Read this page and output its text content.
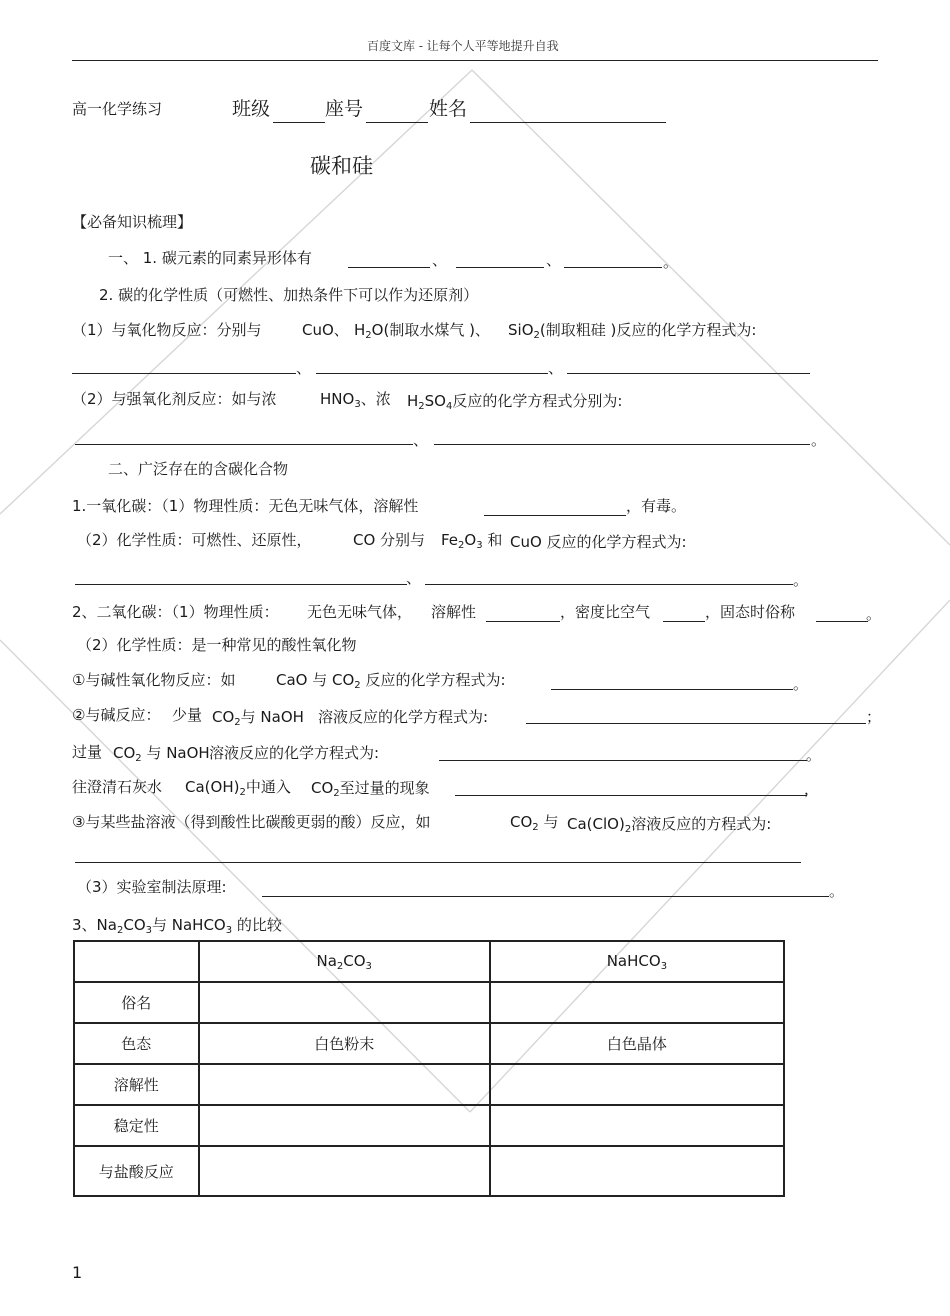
百度文库 - 让每个人平等地提升自我
高一化学练习	班级	座号	姓名
碳和硅
【必备知识梳理】
一、 1. 碳元素的同素异形体有	、	、	。
2. 碳的化学性质（可燃性、加热条件下可以作为还原剂）
（1）与氧化物反应：分别与	CuO、 $H_2O$(制取水煤气 )、 SiO$_2$(制取粗硅 )反应的化学方程式为:
、	、
（2）与强氧化剂反应：如与浓	$HNO_3$、浓 $H_2SO_4$反应的化学方程式分别为:
、	。
二、广泛存在的含碳化合物
1.一氧化碳：（1）物理性质：无色无味气体，溶解性	，有毒。
（2）化学性质：可燃性、还原性，	CO 分别与 $Fe_2O_3$ 和 CuO 反应的化学方程式为:
、	。
2、二氧化碳：（1）物理性质： 无色无味气体， 溶解性	，密度比空气	，固态时俗称	。
（2）化学性质：是一种常见的酸性氧化物
①与碱性氧化物反应：如	CaO 与 $CO_2$ 反应的化学方程式为:	。
②与碱反应： 少量 $CO_2$与 NaOH 溶液反应的化学方程式为:	；
过量 $CO_2$ 与 NaOH 溶液反应的化学方程式为:	。
往澄清石灰水 $Ca(OH)_2$中通入 $CO_2$至过量的现象	，
③与某些盐溶液（得到酸性比碳酸更弱的酸）反应，如	$CO_2$ 与 $Ca(ClO)_2$溶液反应的方程式为:
（3）实验室制法原理:	。
3、$Na_2CO_3$与 NaHCO$_3$ 的比较
	$Na_2CO_3$	NaHCO$_3$
俗名		
色态	白色粉末	白色晶体
溶解性		
稳定性		
与盐酸反应		
1
